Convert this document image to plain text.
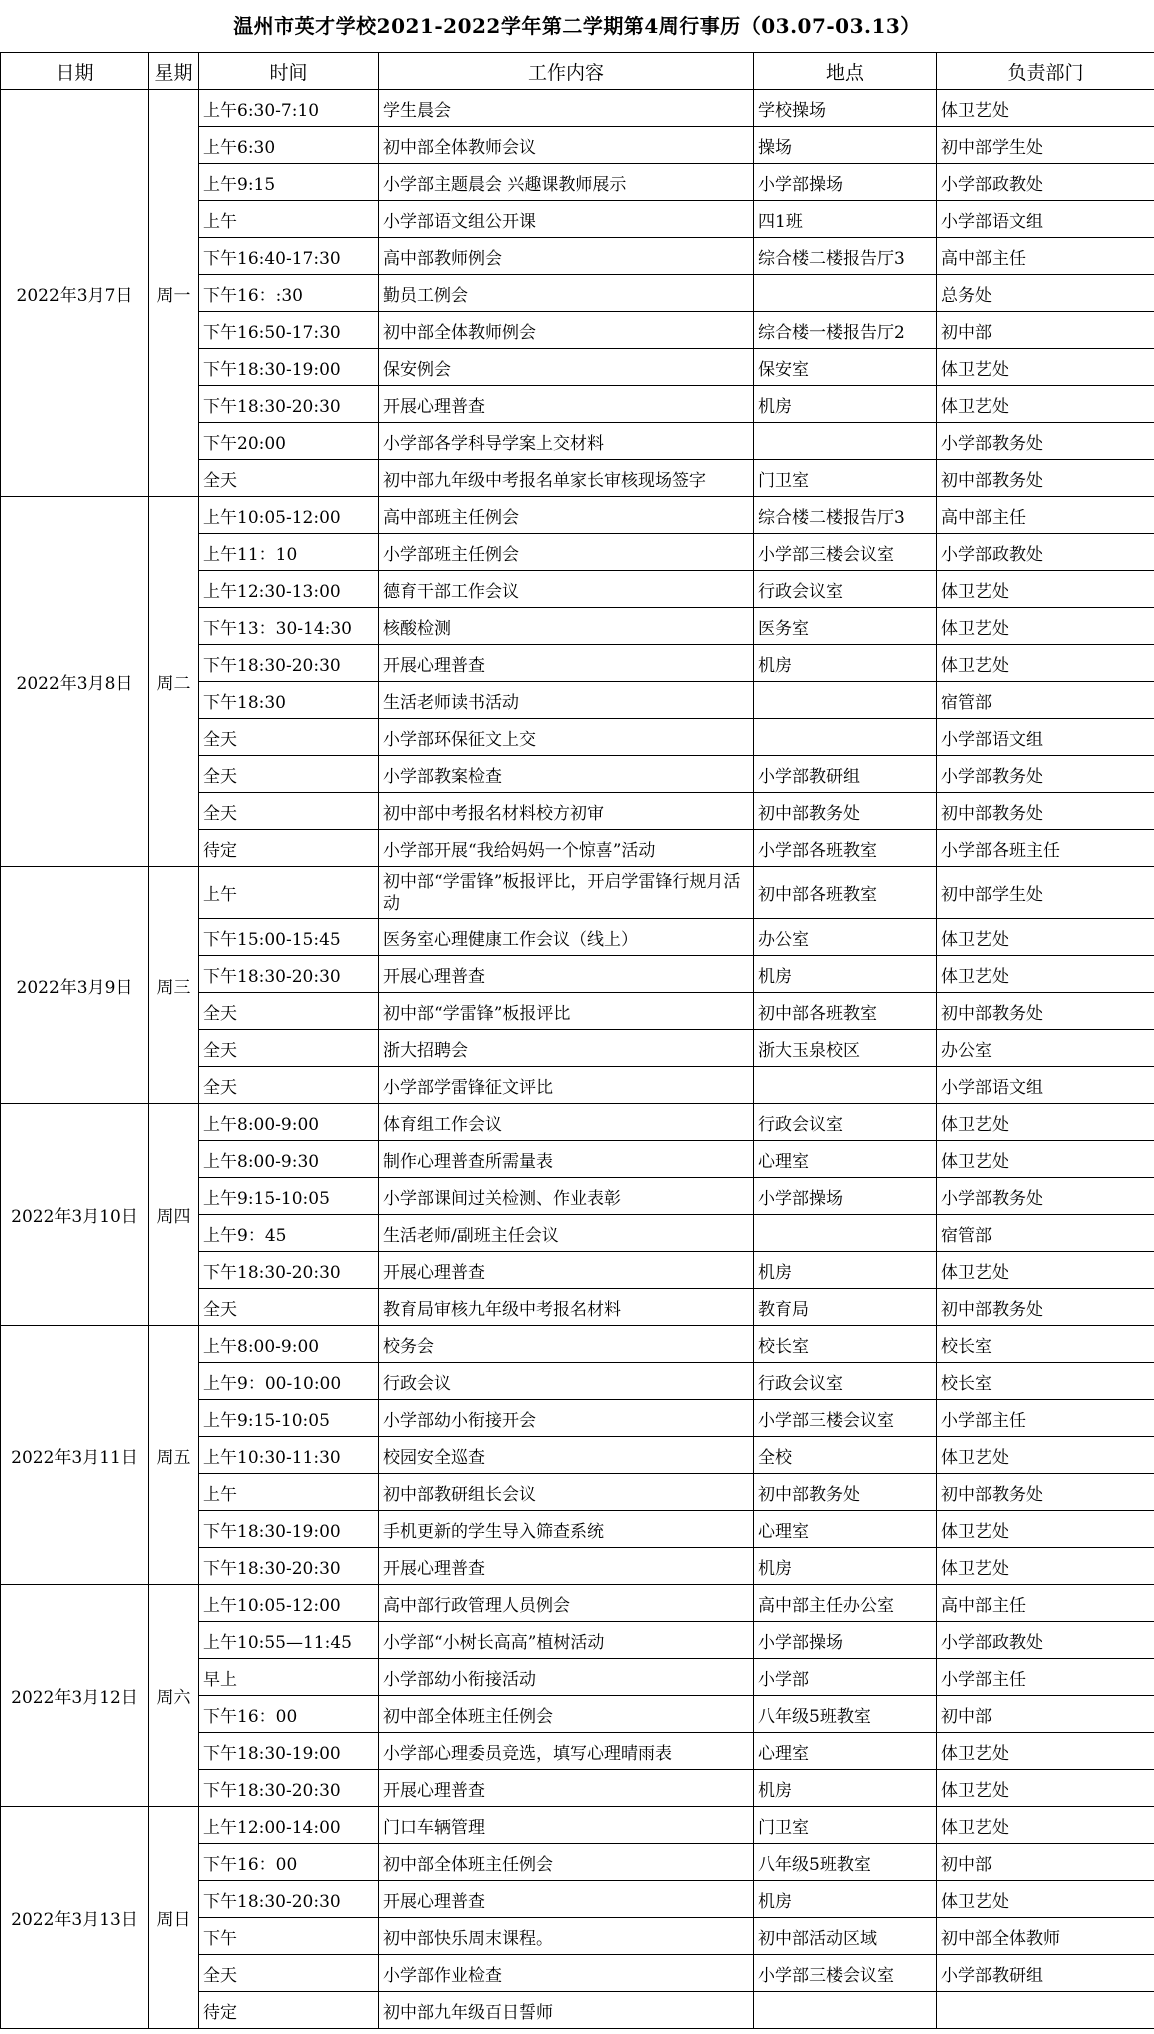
温州市英才学校2021-2022学年第二学期第4周行事历（03.07-03.13）
日期	星期	时间	工作内容	地点	负责部门
2022年3月7日	周一	上午6:30-7:10	学生晨会	学校操场	体卫艺处
		上午6:30	初中部全体教师会议	操场	初中部学生处
		上午9:15	小学部主题晨会 兴趣课教师展示	小学部操场	小学部政教处
		上午	小学部语文组公开课	四1班	小学部语文组
		下午16:40-17:30	高中部教师例会	综合楼二楼报告厅3	高中部主任
		下午16：:30	勤员工例会		总务处
		下午16:50-17:30	初中部全体教师例会	综合楼一楼报告厅2	初中部
		下午18:30-19:00	保安例会	保安室	体卫艺处
		下午18:30-20:30	开展心理普查	机房	体卫艺处
		下午20:00	小学部各学科导学案上交材料		小学部教务处
		全天	初中部九年级中考报名单家长审核现场签字	门卫室	初中部教务处
2022年3月8日	周二	上午10:05-12:00	高中部班主任例会	综合楼二楼报告厅3	高中部主任
		上午11：10	小学部班主任例会	小学部三楼会议室	小学部政教处
		上午12:30-13:00	德育干部工作会议	行政会议室	体卫艺处
		下午13：30-14:30	核酸检测	医务室	体卫艺处
		下午18:30-20:30	开展心理普查	机房	体卫艺处
		下午18:30	生活老师读书活动		宿管部
		全天	小学部环保征文上交		小学部语文组
		全天	小学部教案检查	小学部教研组	小学部教务处
		全天	初中部中考报名材料校方初审	初中部教务处	初中部教务处
		待定	小学部开展“我给妈妈一个惊喜”活动	小学部各班教室	小学部各班主任
2022年3月9日	周三	上午	初中部“学雷锋”板报评比，开启学雷锋行规月活动	初中部各班教室	初中部学生处
		下午15:00-15:45	医务室心理健康工作会议（线上）	办公室	体卫艺处
		下午18:30-20:30	开展心理普查	机房	体卫艺处
		全天	初中部“学雷锋”板报评比	初中部各班教室	初中部教务处
		全天	浙大招聘会	浙大玉泉校区	办公室
		全天	小学部学雷锋征文评比		小学部语文组
2022年3月10日	周四	上午8:00-9:00	体育组工作会议	行政会议室	体卫艺处
		上午8:00-9:30	制作心理普查所需量表	心理室	体卫艺处
		上午9:15-10:05	小学部课间过关检测、作业表彰	小学部操场	小学部教务处
		上午9：45	生活老师/副班主任会议		宿管部
		下午18:30-20:30	开展心理普查	机房	体卫艺处
		全天	教育局审核九年级中考报名材料	教育局	初中部教务处
2022年3月11日	周五	上午8:00-9:00	校务会	校长室	校长室
		上午9：00-10:00	行政会议	行政会议室	校长室
		上午9:15-10:05	小学部幼小衔接开会	小学部三楼会议室	小学部主任
		上午10:30-11:30	校园安全巡查	全校	体卫艺处
		上午	初中部教研组长会议	初中部教务处	初中部教务处
		下午18:30-19:00	手机更新的学生导入筛查系统	心理室	体卫艺处
		下午18:30-20:30	开展心理普查	机房	体卫艺处
2022年3月12日	周六	上午10:05-12:00	高中部行政管理人员例会	高中部主任办公室	高中部主任
		上午10:55—11:45	小学部“小树长高高”植树活动	小学部操场	小学部政教处
		早上	小学部幼小衔接活动	小学部	小学部主任
		下午16：00	初中部全体班主任例会	八年级5班教室	初中部
		下午18:30-19:00	小学部心理委员竞选，填写心理晴雨表	心理室	体卫艺处
		下午18:30-20:30	开展心理普查	机房	体卫艺处
2022年3月13日	周日	上午12:00-14:00	门口车辆管理	门卫室	体卫艺处
		下午16：00	初中部全体班主任例会	八年级5班教室	初中部
		下午18:30-20:30	开展心理普查	机房	体卫艺处
		下午	初中部快乐周末课程。	初中部活动区域	初中部全体教师
		全天	小学部作业检查	小学部三楼会议室	小学部教研组
		待定	初中部九年级百日誓师		
